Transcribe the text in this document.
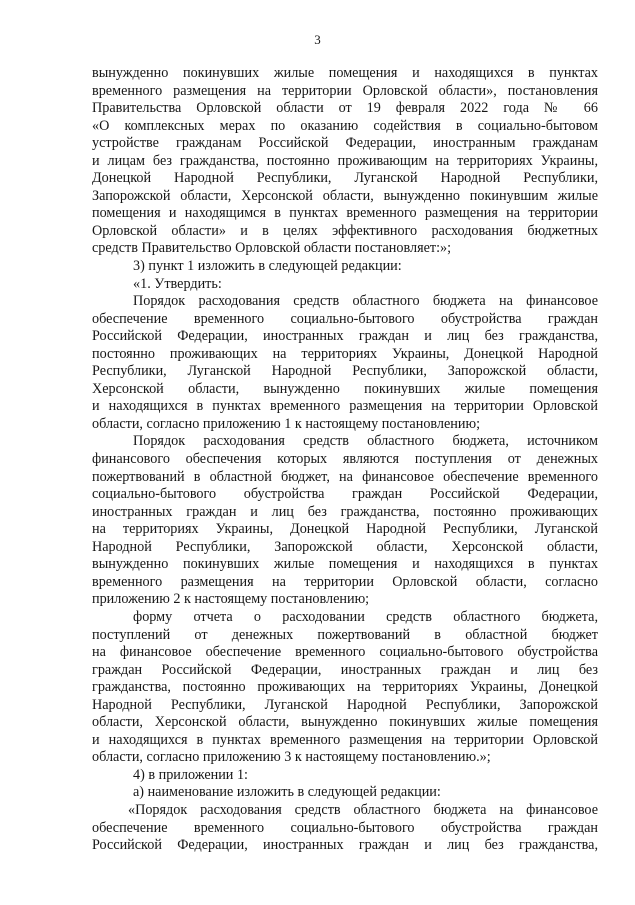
3
вынужденно покинувших жилые помещения и находящихся в пунктах
временного размещения на территории Орловской области», постановления
Правительства Орловской области от 19 февраля 2022 года № 66
«О комплексных мерах по оказанию содействия в социально-бытовом
устройстве гражданам Российской Федерации, иностранным гражданам
и лицам без гражданства, постоянно проживающим на территориях Украины,
Донецкой Народной Республики, Луганской Народной Республики,
Запорожской области, Херсонской области, вынужденно покинувшим жилые
помещения и находящимся в пунктах временного размещения на территории
Орловской области» и в целях эффективного расходования бюджетных
средств Правительство Орловской области постановляет:»;
3) пункт 1 изложить в следующей редакции:
«1. Утвердить:
Порядок расходования средств областного бюджета на финансовое
обеспечение временного социально-бытового обустройства граждан
Российской Федерации, иностранных граждан и лиц без гражданства,
постоянно проживающих на территориях Украины, Донецкой Народной
Республики, Луганской Народной Республики, Запорожской области,
Херсонской области, вынужденно покинувших жилые помещения
и находящихся в пунктах временного размещения на территории Орловской
области, согласно приложению 1 к настоящему постановлению;
Порядок расходования средств областного бюджета, источником
финансового обеспечения которых являются поступления от денежных
пожертвований в областной бюджет, на финансовое обеспечение временного
социально-бытового обустройства граждан Российской Федерации,
иностранных граждан и лиц без гражданства, постоянно проживающих
на территориях Украины, Донецкой Народной Республики, Луганской
Народной Республики, Запорожской области, Херсонской области,
вынужденно покинувших жилые помещения и находящихся в пунктах
временного размещения на территории Орловской области, согласно
приложению 2 к настоящему постановлению;
форму отчета о расходовании средств областного бюджета,
поступлений от денежных пожертвований в областной бюджет
на финансовое обеспечение временного социально-бытового обустройства
граждан Российской Федерации, иностранных граждан и лиц без
гражданства, постоянно проживающих на территориях Украины, Донецкой
Народной Республики, Луганской Народной Республики, Запорожской
области, Херсонской области, вынужденно покинувших жилые помещения
и находящихся в пунктах временного размещения на территории Орловской
области, согласно приложению 3 к настоящему постановлению.»;
4) в приложении 1:
а) наименование изложить в следующей редакции:
«Порядок расходования средств областного бюджета на финансовое
обеспечение временного социально-бытового обустройства граждан
Российской Федерации, иностранных граждан и лиц без гражданства,
